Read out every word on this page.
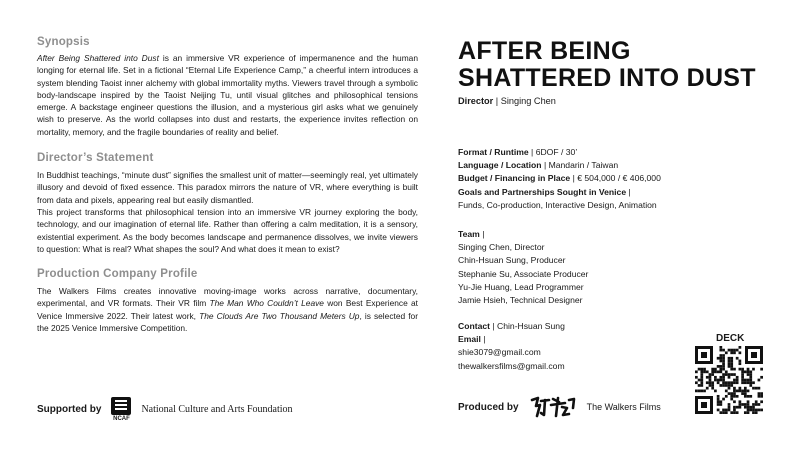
Synopsis

After Being Shattered into Dust is an immersive VR experience of impermanence and the human longing for eternal life. Set in a fictional “Eternal Life Experience Camp,” a cheerful intern introduces a system blending Taoist inner alchemy with global immortality myths. Viewers travel through a symbolic body-landscape inspired by the Taoist Neijing Tu, until visual glitches and philosophical tensions emerge. A backstage engineer questions the illusion, and a mysterious girl asks what we genuinely wish to preserve. As the world collapses into dust and restarts, the experience invites reflection on mortality, memory, and the fragile boundaries of reality and belief.

Director’s Statement

In Buddhist teachings, “minute dust” signifies the smallest unit of matter—seemingly real, yet ultimately illusory and devoid of fixed essence. This paradox mirrors the nature of VR, where everything is built from data and pixels, appearing real but easily dismantled.

This project transforms that philosophical tension into an immersive VR journey exploring the body, technology, and our imagination of eternal life. Rather than offering a calm meditation, it is a sensory, existential experiment. As the body becomes landscape and permanence dissolves, we invite viewers to question: What is real? What shapes the soul? And what does it mean to exist?

Production Company Profile

The Walkers Films creates innovative moving-image works across narrative, documentary, experimental, and VR formats. Their VR film The Man Who Couldn’t Leave won Best Experience at Venice Immersive 2022. Their latest work, The Clouds Are Two Thousand Meters Up, is selected for the 2025 Venice Immersive Competition.

Supported by
NCAF
National Culture and Arts Foundation
AFTER BEING
SHATTERED INTO DUST
Director | Singing Chen
Format / Runtime | 6DOF / 30’
Language / Location | Mandarin / Taiwan
Budget / Financing in Place | € 504,000 / € 406,000
Goals and Partnerships Sought in Venice |
Funds, Co-production, Interactive Design, Animation
Team |
Singing Chen, Director
Chin-Hsuan Sung, Producer
Stephanie Su, Associate Producer
Yu-Jie Huang, Lead Programmer
Jamie Hsieh, Technical Designer
Contact | Chin-Hsuan Sung
Email |
shie3079@gmail.com
thewalkersfilms@gmail.com
DECK
Produced by	The Walkers Films
